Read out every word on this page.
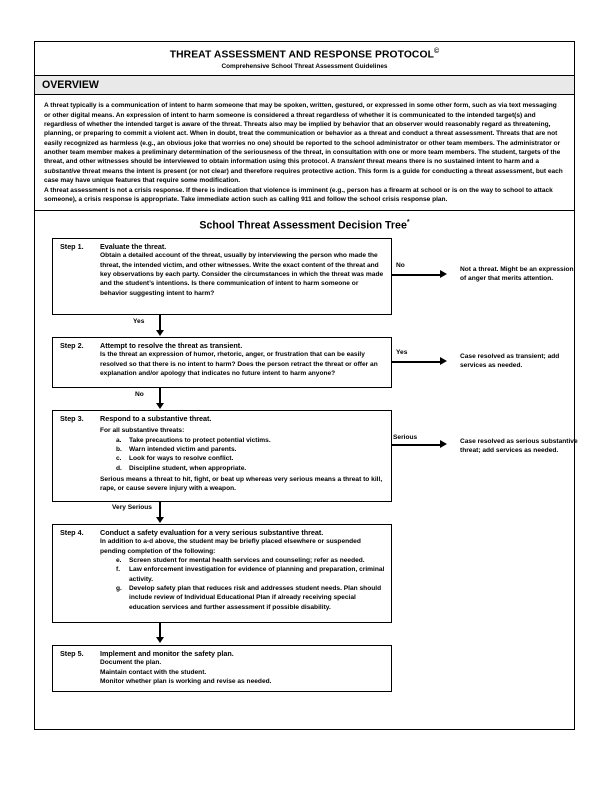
THREAT ASSESSMENT AND RESPONSE PROTOCOL©
Comprehensive School Threat Assessment Guidelines
OVERVIEW

A threat typically is a communication of intent to harm someone that may be spoken, written, gestured, or expressed in some other form, such as via text messaging or other digital means. An expression of intent to harm someone is considered a threat regardless of whether it is communicated to the intended target(s) and regardless of whether the intended target is aware of the threat. Threats also may be implied by behavior that an observer would reasonably regard as threatening, planning, or preparing to commit a violent act. When in doubt, treat the communication or behavior as a threat and conduct a threat assessment. Threats that are not easily recognized as harmless (e.g., an obvious joke that worries no one) should be reported to the school administrator or other team members. The administrator or another team member makes a preliminary determination of the seriousness of the threat, in consultation with one or more team members. The student, targets of the threat, and other witnesses should be interviewed to obtain information using this protocol. A transient threat means there is no sustained intent to harm and a substantive threat means the intent is present (or not clear) and therefore requires protective action. This form is a guide for conducting a threat assessment, but each case may have unique features that require some modification.

A threat assessment is not a crisis response. If there is indication that violence is imminent (e.g., person has a firearm at school or is on the way to school to attack someone), a crisis response is appropriate. Take immediate action such as calling 911 and follow the school crisis response plan.

School Threat Assessment Decision Tree*
Step 1.	Evaluate the threat.

Obtain a detailed account of the threat, usually by interviewing the person who made the threat, the intended victim, and other witnesses. Write the exact content of the threat and key observations by each party. Consider the circumstances in which the threat was made and the student’s intentions. Is there communication of intent to harm someone or behavior suggesting intent to harm?

No
Not a threat. Might be an expression of anger that merits attention.
Yes
Step 2.	Attempt to resolve the threat as transient.

Is the threat an expression of humor, rhetoric, anger, or frustration that can be easily resolved so that there is no intent to harm? Does the person retract the threat or offer an explanation and/or apology that indicates no future intent to harm anyone?

Yes
Case resolved as transient; add services as needed.
No
Step 3.	Respond to a substantive threat.

For all substantive threats:

a.	Take precautions to protect potential victims.
b.	Warn intended victim and parents.
c.	Look for ways to resolve conflict.
d.	Discipline student, when appropriate.

Serious means a threat to hit, fight, or beat up whereas very serious means a threat to kill, rape, or cause severe injury with a weapon.

Serious
Case resolved as serious substantive threat; add services as needed.
Very Serious
Step 4.	Conduct a safety evaluation for a very serious substantive threat.

In addition to a-d above, the student may be briefly placed elsewhere or suspended pending completion of the following:

e.	Screen student for mental health services and counseling; refer as needed.
f.	Law enforcement investigation for evidence of planning and preparation, criminal activity.
g.	Develop safety plan that reduces risk and addresses student needs. Plan should include review of Individual Educational Plan if already receiving special education services and further assessment if possible disability.
Step 5.	Implement and monitor the safety plan.

Document the plan.

Maintain contact with the student.

Monitor whether plan is working and revise as needed.
